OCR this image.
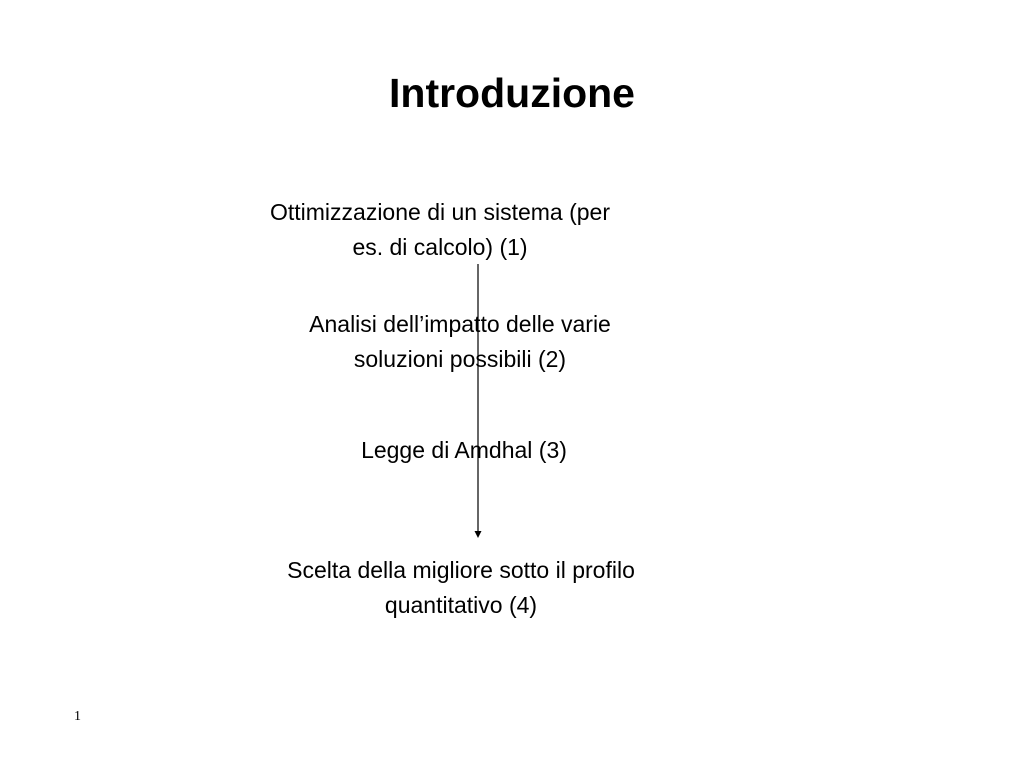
Introduzione
Ottimizzazione di un sistema (per
es. di calcolo) (1)
Analisi dell’impatto delle varie
soluzioni possibili (2)
Legge di Amdhal (3)
Scelta della migliore sotto il profilo
quantitativo (4)
1
